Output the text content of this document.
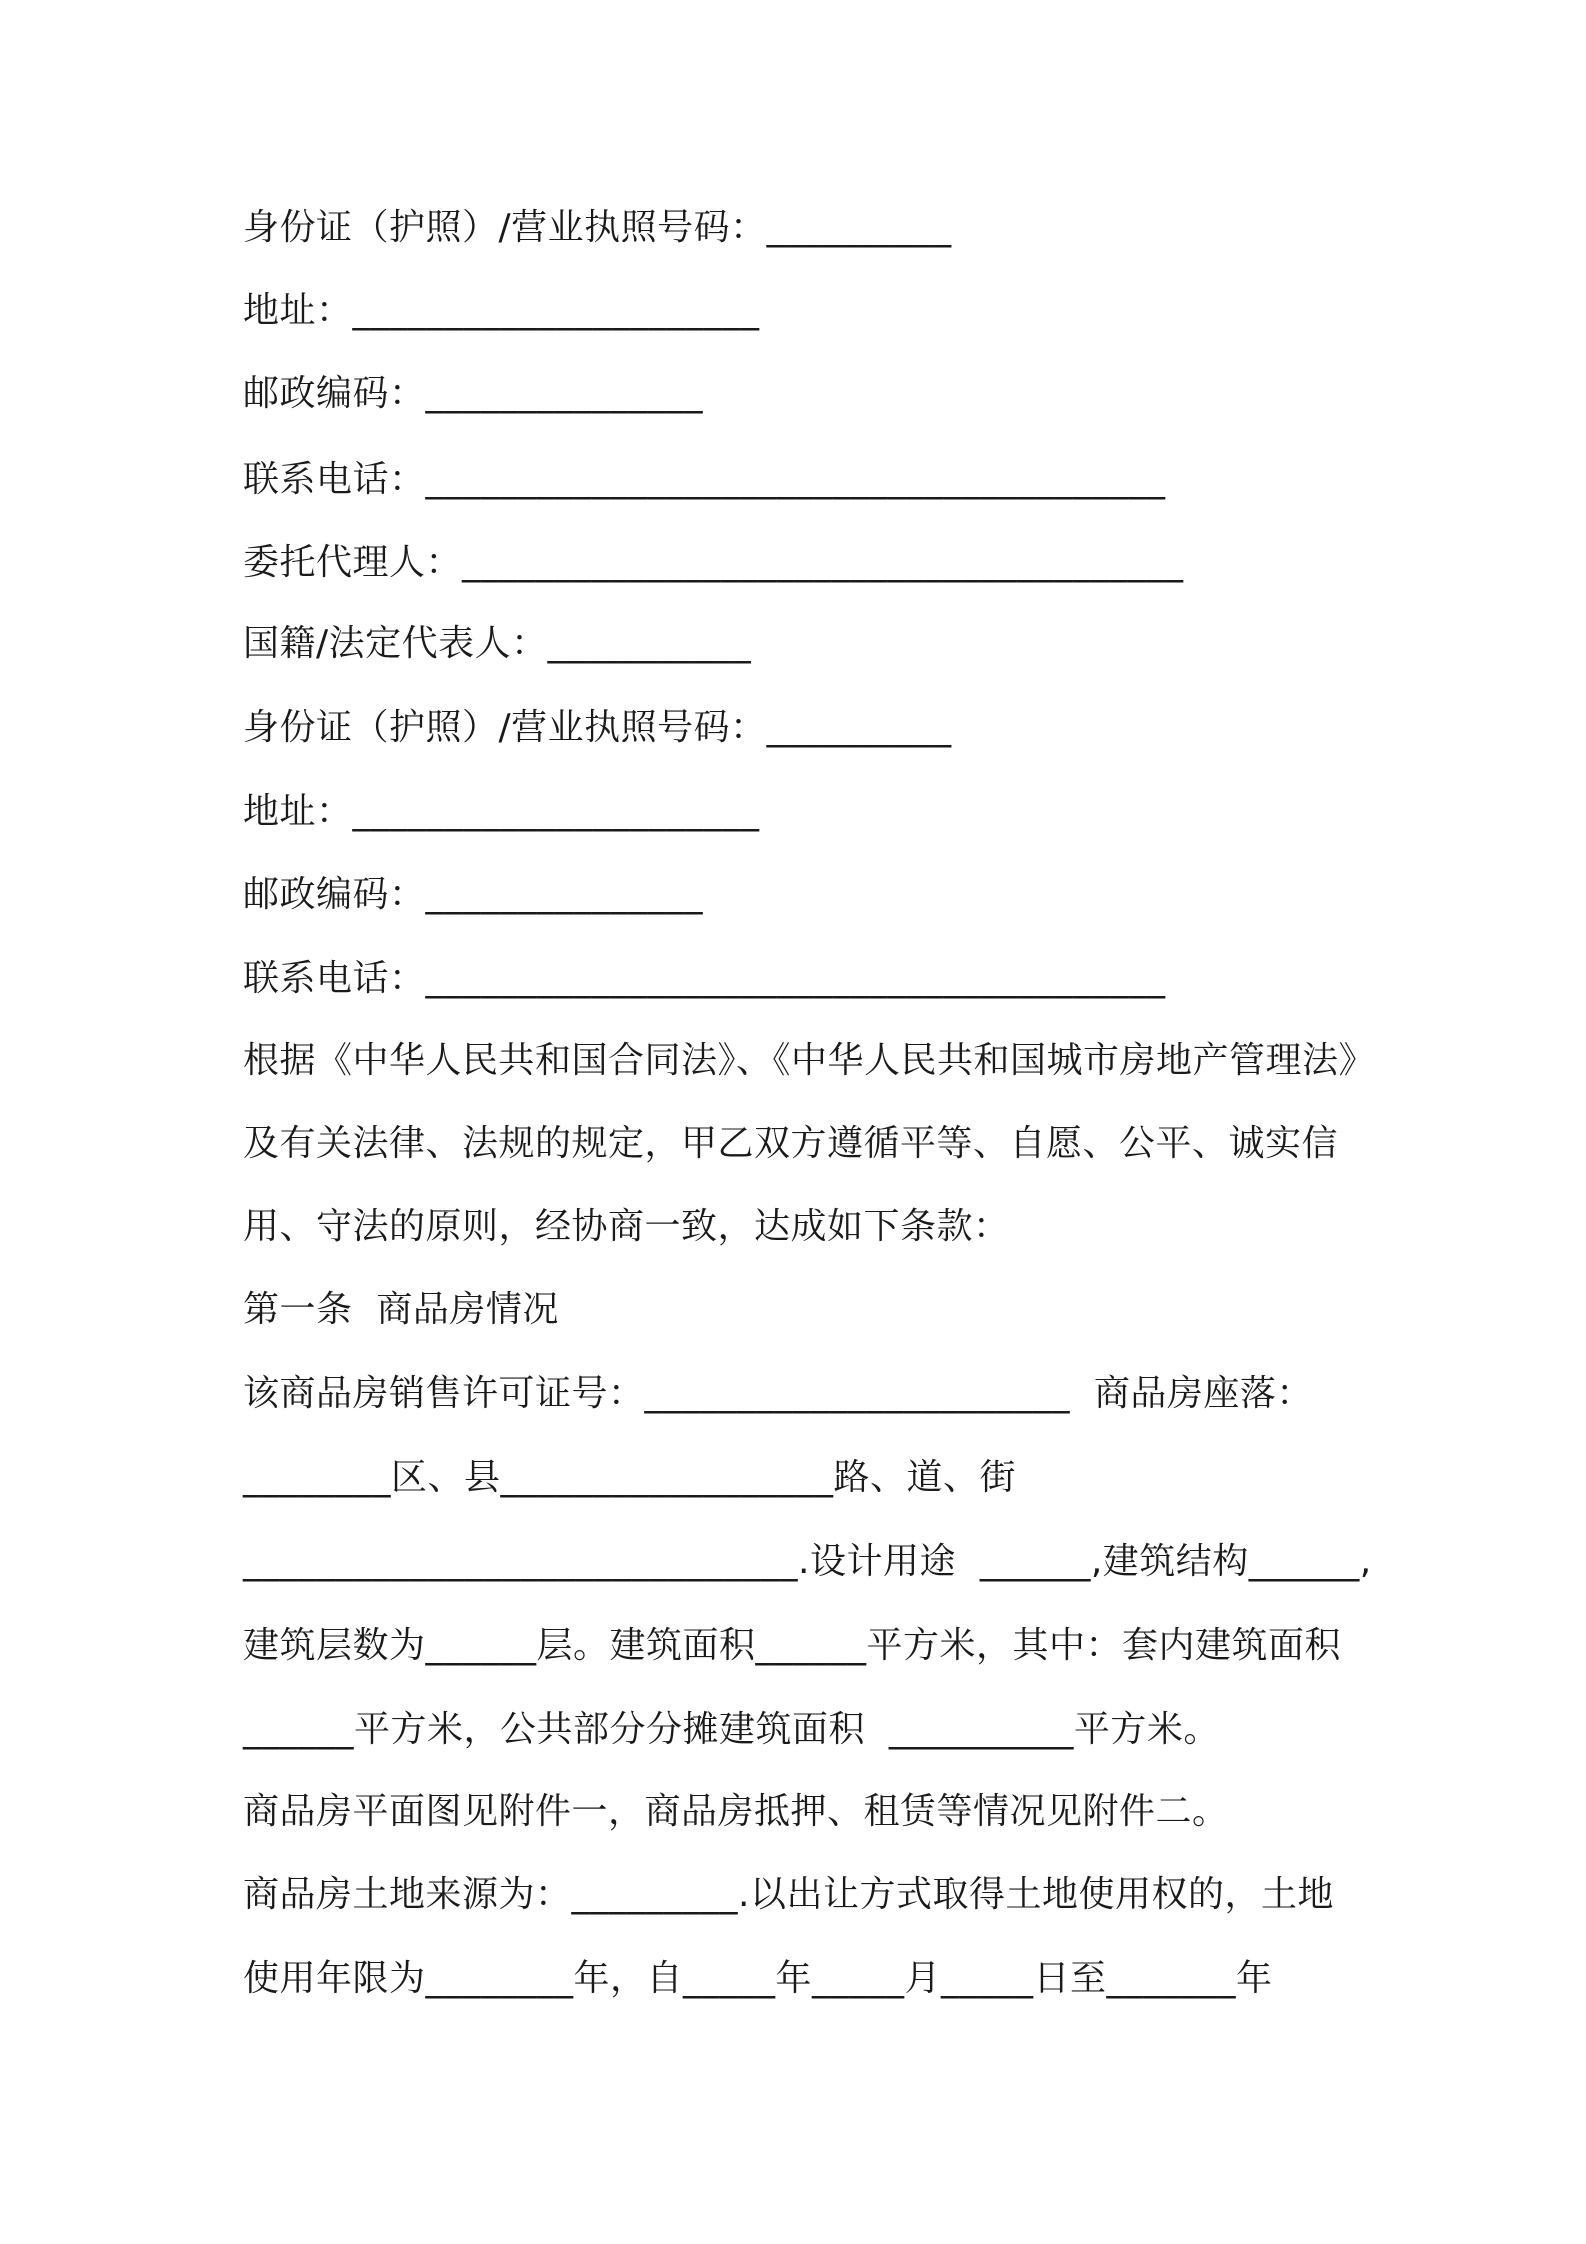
身份证（护照）/营业执照号码：__________
地址：______________________
邮政编码：_______________
联系电话：________________________________________
委托代理人：_______________________________________
国籍/法定代表人：___________
身份证（护照）/营业执照号码：__________
地址：______________________
邮政编码：_______________
联系电话：________________________________________
根据《中华人民共和国合同法》、《中华人民共和国城市房地产管理法》
及有关法律、法规的规定，甲乙双方遵循平等、自愿、公平、诚实信
用、守法的原则，经协商一致，达成如下条款：
第一条  商品房情况
该商品房销售许可证号：_______________________  商品房座落：
________区、县__________________路、道、街
______________________________.设计用途  ______,建筑结构______,
建筑层数为______层。建筑面积______平方米，其中：套内建筑面积
______平方米，公共部分分摊建筑面积  __________平方米。
商品房平面图见附件一，商品房抵押、租赁等情况见附件二。
商品房土地来源为：_________.以出让方式取得土地使用权的，土地
使用年限为________年，自_____年_____月_____日至_______年
